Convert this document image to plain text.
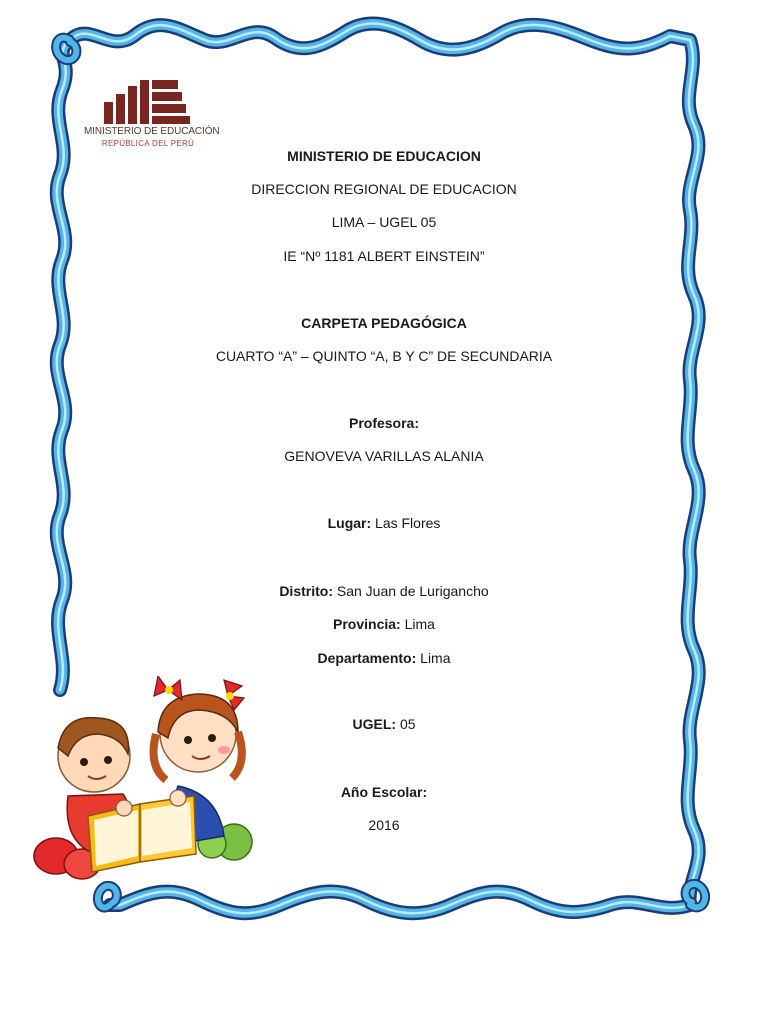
MINISTERIO DE EDUCACIÓN
REPÚBLICA DEL PERÚ
MINISTERIO DE EDUCACION
DIRECCION REGIONAL DE EDUCACION
LIMA – UGEL 05
IE “Nº 1181 ALBERT EINSTEIN”
CARPETA PEDAGÓGICA
CUARTO “A” – QUINTO “A, B Y C” DE SECUNDARIA
Profesora:
GENOVEVA VARILLAS ALANIA
Lugar: Las Flores
Distrito: San Juan de Lurigancho
Provincia: Lima
Departamento: Lima
UGEL: 05
Año Escolar:
2016
